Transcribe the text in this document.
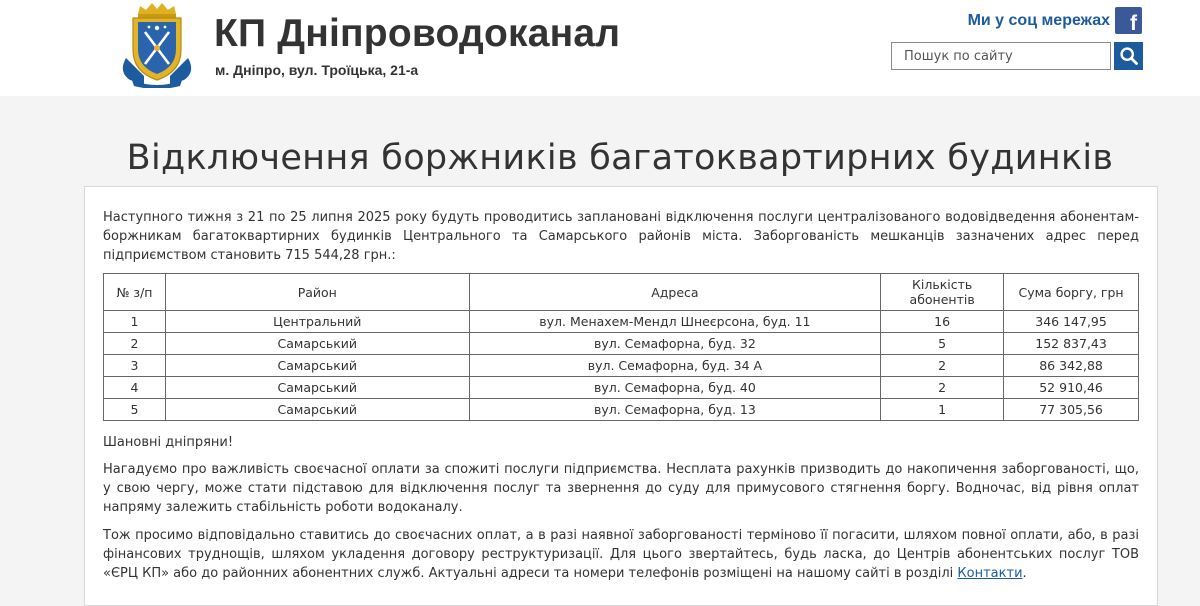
КП Дніпроводоканал
м. Дніпро, вул. Троїцька, 21-а
Ми у соц мережах f
Пошук по сайту
Відключення боржників багатоквартирних будинків

Наступного тижня з 21 по 25 липня 2025 року будуть проводитись заплановані відключення послуги централізованого водовідведення абонентам-боржникам багатоквартирних будинків Центрального та Самарського районів міста. Заборгованість мешканців зазначених адрес перед підприємством становить 715 544,28 грн.:

№ з/п	Район	Адреса	Кількість абонентів	Сума боргу, грн
1	Центральний	вул. Менахем-Мендл Шнеєрсона, буд. 11	16	346 147,95
2	Самарський	вул. Семафорна, буд. 32	5	152 837,43
3	Самарський	вул. Семафорна, буд. 34 А	2	86 342,88
4	Самарський	вул. Семафорна, буд. 40	2	52 910,46
5	Самарський	вул. Семафорна, буд. 13	1	77 305,56

Шановні дніпряни!

Нагадуємо про важливість своєчасної оплати за спожиті послуги підприємства. Несплата рахунків призводить до накопичення заборгованості, що, у свою чергу, може стати підставою для відключення послуг та звернення до суду для примусового стягнення боргу. Водночас, від рівня оплат напряму залежить стабільність роботи водоканалу.

Тож просимо відповідально ставитись до своєчасних оплат, а в разі наявної заборгованості терміново її погасити, шляхом повної оплати, або, в разі фінансових труднощів, шляхом укладення договору реструктуризації. Для цього звертайтесь, будь ласка, до Центрів абонентських послуг ТОВ «ЄРЦ КП» або до районних абонентних служб. Актуальні адреси та номери телефонів розміщені на нашому сайті в розділі Контакти.
